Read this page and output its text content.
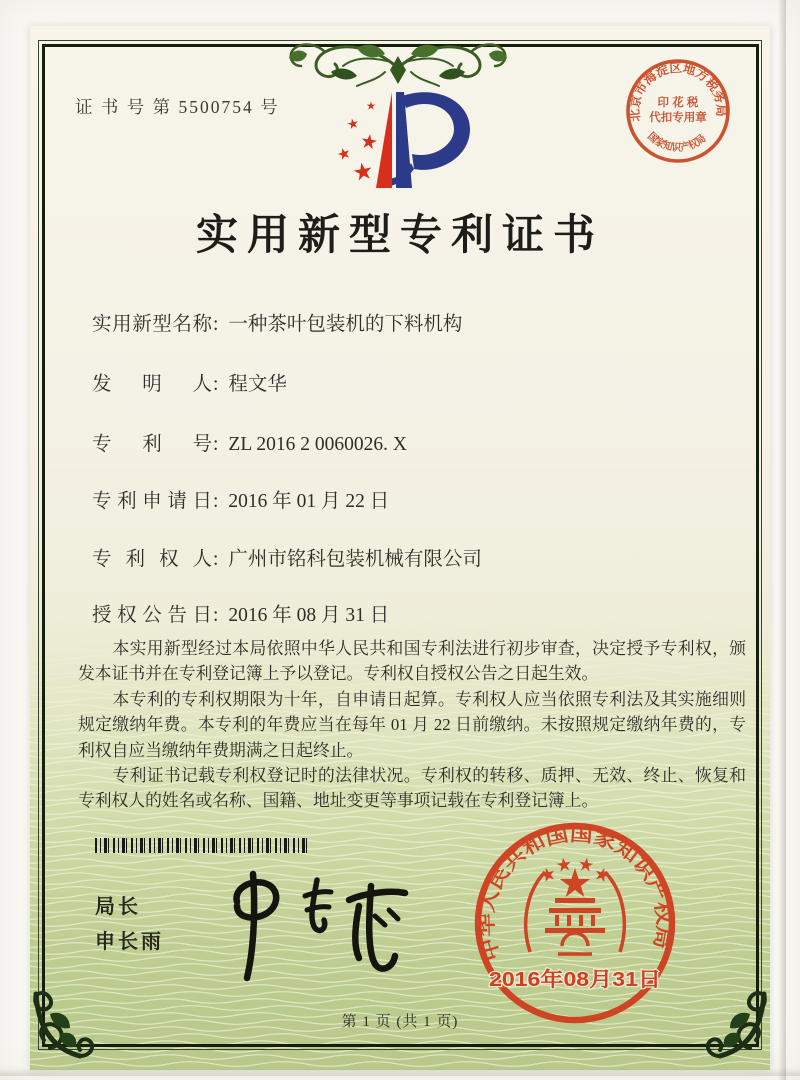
证 书 号 第 5500754 号	北京市海淀区地方税务局
国家知识产权局
印 花 税
代扣专用章
实用新型专利证书
实用新型名称: 一种茶叶包装机的下料机构
发明人: 程文华
专利号: ZL 2016 2 0060026. X
专利申请日: 2016 年 01 月 22 日
专利权人: 广州市铭科包装机械有限公司
授权公告日: 2016 年 08 月 31 日

本实用新型经过本局依照中华人民共和国专利法进行初步审查，决定授予专利权，颁发本证书并在专利登记簿上予以登记。专利权自授权公告之日起生效。

本专利的专利权期限为十年，自申请日起算。专利权人应当依照专利法及其实施细则规定缴纳年费。本专利的年费应当在每年 01 月 22 日前缴纳。未按照规定缴纳年费的，专利权自应当缴纳年费期满之日起终止。

专利证书记载专利权登记时的法律状况。专利权的转移、质押、无效、终止、恢复和专利权人的姓名或名称、国籍、地址变更等事项记载在专利登记簿上。

局长
申长雨	中华人民共和国国家知识产权局
2016年08月31日
第 1 页 (共 1 页)
